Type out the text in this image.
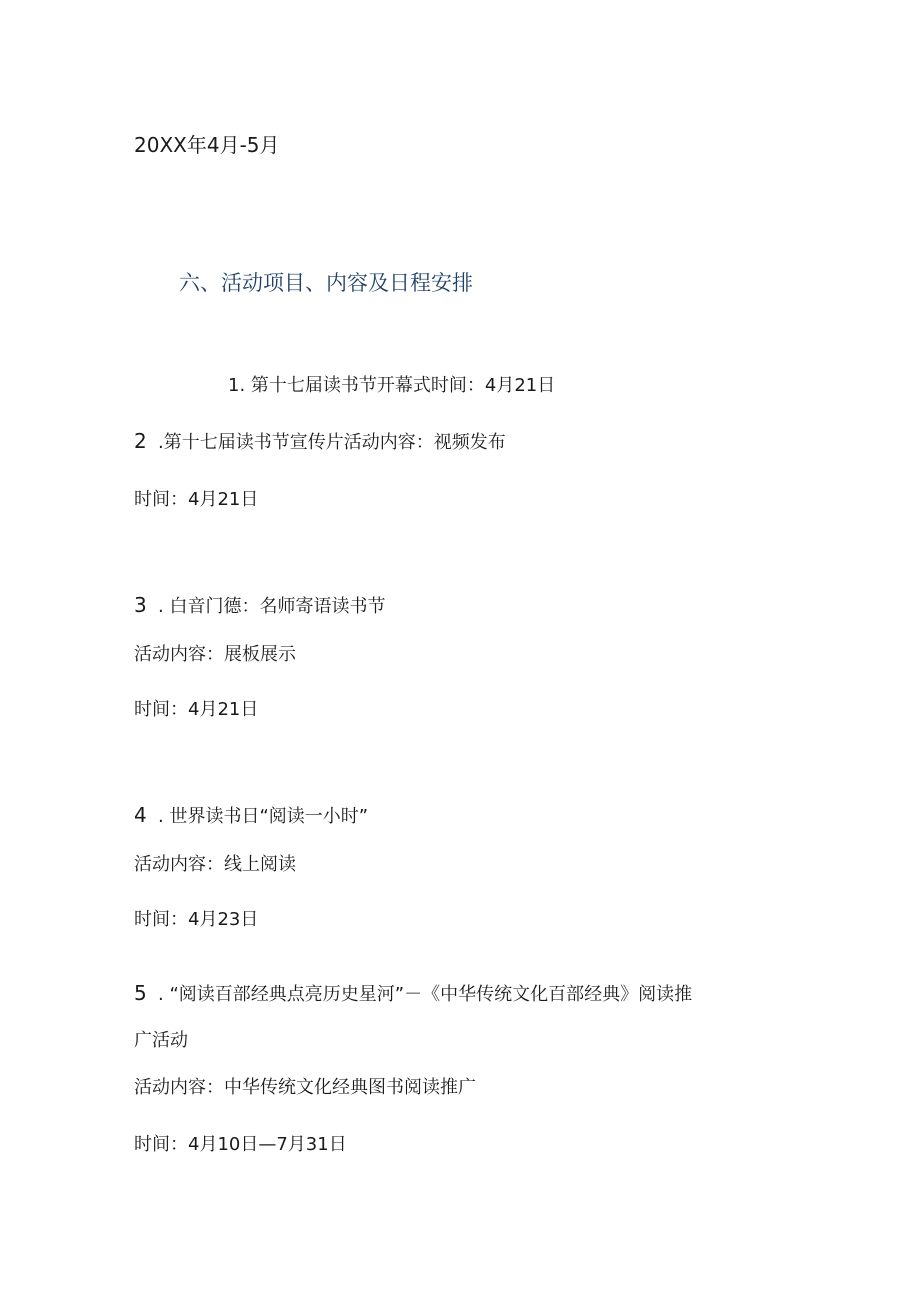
20XX年4月-5月
六、活动项目、内容及日程安排
1. 第十七届读书节开幕式时间：4月21日
2 .第十七届读书节宣传片活动内容：视频发布
时间：4月21日
3 . 白音门德：名师寄语读书节
活动内容：展板展示
时间：4月21日
4 . 世界读书日“阅读一小时”
活动内容：线上阅读
时间：4月23日
5 . “阅读百部经典点亮历史星河”－《中华传统文化百部经典》阅读推
广活动
活动内容：中华传统文化经典图书阅读推广
时间：4月10日—7月31日
